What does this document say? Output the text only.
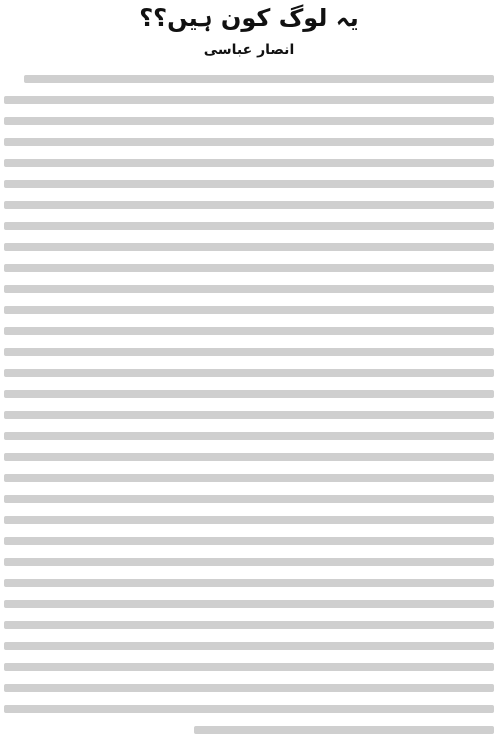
یہ لوگ کون ہیں؟؟
انصار عباسی
